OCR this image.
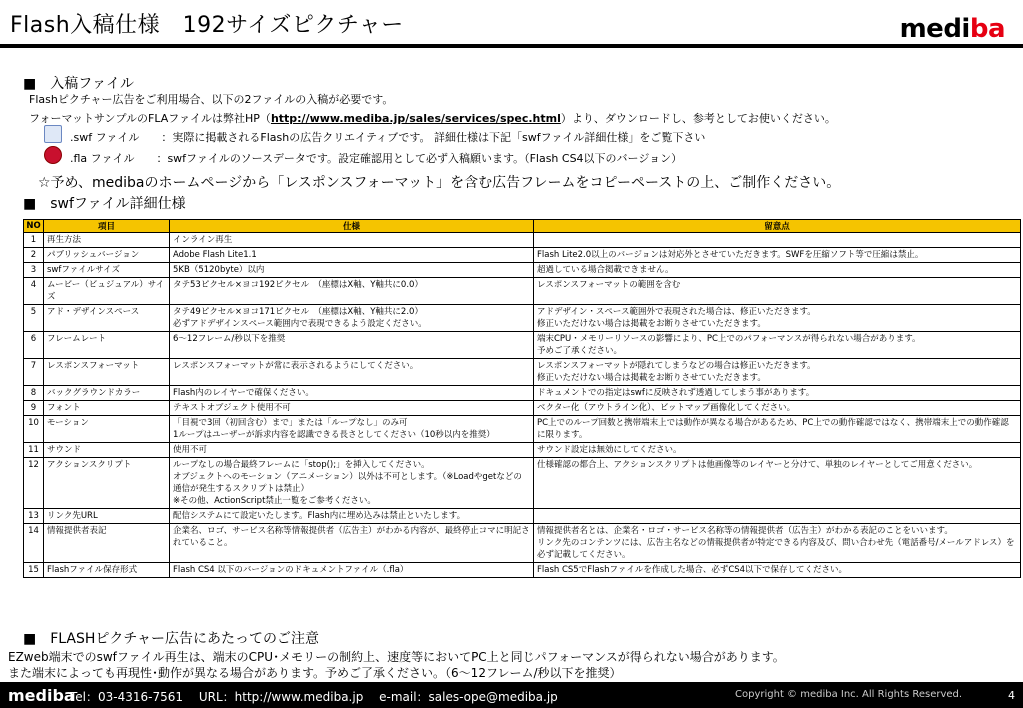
Flash入稿仕様　192サイズピクチャー	mediba
■　入稿ファイル
Flashピクチャー広告をご利用場合、以下の2ファイルの入稿が必要です。
フォーマットサンプルのFLAファイルは弊社HP（http://www.mediba.jp/sales/services/spec.html）より、ダウンロードし、参考としてお使いください。
.swf ファイル　　：実際に掲載されるFlashの広告クリエイティブです。 詳細仕様は下記「swfファイル詳細仕様」をご覧下さい
.fla ファイル　　：swfファイルのソースデータです。設定確認用として必ず入稿願います。（Flash CS4以下のバージョン）
☆予め、medibaのホームページから「レスポンスフォーマット」を含む広告フレームをコピーペーストの上、ご制作ください。
■　swfファイル詳細仕様
NO	項目	仕様	留意点
1	再生方法	インライン再生	
2	パブリッシュバージョン	Adobe Flash Lite1.1	Flash Lite2.0以上のバージョンは対応外とさせていただきます。SWFを圧縮ソフト等で圧縮は禁止。
3	swfファイルサイズ	5KB（5120byte）以内	超過している場合掲載できません。
4	ムービー（ビュジュアル）サイズ	タテ53ピクセル×ヨコ192ピクセル　（座標はX軸、Y軸共に0.0）	レスポンスフォーマットの範囲を含む
5	アド・デザインスペース	タテ49ピクセル×ヨコ171ピクセル　（座標はX軸、Y軸共に2.0）
必ずアドデザインスペース範囲内で表現できるよう設定ください。	アドデザイン・スペース範囲外で表現された場合は、修正いただきます。
修正いただけない場合は掲載をお断りさせていただきます。
6	フレームレート	6～12フレーム/秒以下を推奨	端末CPU・メモリーリソースの影響により、PC上でのパフォーマンスが得られない場合があります。
予めご了承ください。
7	レスポンスフォーマット	レスポンスフォーマットが常に表示されるようにしてください。	レスポンスフォーマットが隠れてしまうなどの場合は修正いただきます。
修正いただけない場合は掲載をお断りさせていただきます。
8	バックグラウンドカラー	Flash内のレイヤーで確保ください。	ドキュメントでの指定はswfに反映されず透過してしまう事があります。
9	フォント	テキストオブジェクト使用不可	ベクター化（アウトライン化）、ビットマップ画像化してください。
10	モーション	「目視で3回（初回含む）まで」または「ループなし」のみ可
1ループはユーザーが訴求内容を認識できる長さとしてください（10秒以内を推奨）	PC上でのループ回数と携帯端末上では動作が異なる場合があるため、PC上での動作確認ではなく、携帯端末上での動作確認に限ります。
11	サウンド	使用不可	サウンド設定は無効にしてください。
12	アクションスクリプト	ループなしの場合最終フレームに「stop();」を挿入してください。
オブジェクトへのモーション（アニメーション）以外は不可とします。（※Loadやgetなどの通信が発生するスクリプトは禁止）
※その他、ActionScript禁止一覧をご参考ください。	仕様確認の都合上、アクションスクリプトは他画像等のレイヤーと分けて、単独のレイヤーとしてご用意ください。
13	リンク先URL	配信システムにて設定いたします。Flash内に埋め込みは禁止といたします。	
14	情報提供者表記	企業名、ロゴ、サービス名称等情報提供者（広告主）がわかる内容が、最終停止コマに明記されていること。	情報提供者名とは、企業名・ロゴ・サービス名称等の情報提供者（広告主）がわかる表記のことをいいます。
リンク先のコンテンツには、広告主名などの情報提供者が特定できる内容及び、問い合わせ先（電話番号/メールアドレス）を必ず記載してください。
15	Flashファイル保存形式	Flash CS4 以下のバージョンのドキュメントファイル（.fla）	Flash CS5でFlashファイルを作成した場合、必ずCS4以下で保存してください。
■　FLASHピクチャー広告にあたってのご注意
EZweb端末でのswfファイル再生は、端末のCPU･メモリーの制約上、速度等においてPC上と同じパフォーマンスが得られない場合があります。
また端末によっても再現性･動作が異なる場合があります。予めご了承ください。（6～12フレーム/秒以下を推奨）
mediba
Tel：03-4316-7561　 URL：http://www.mediba.jp　 e-mail：sales-ope@mediba.jp	Copyright © mediba Inc. All Rights Reserved.	4
